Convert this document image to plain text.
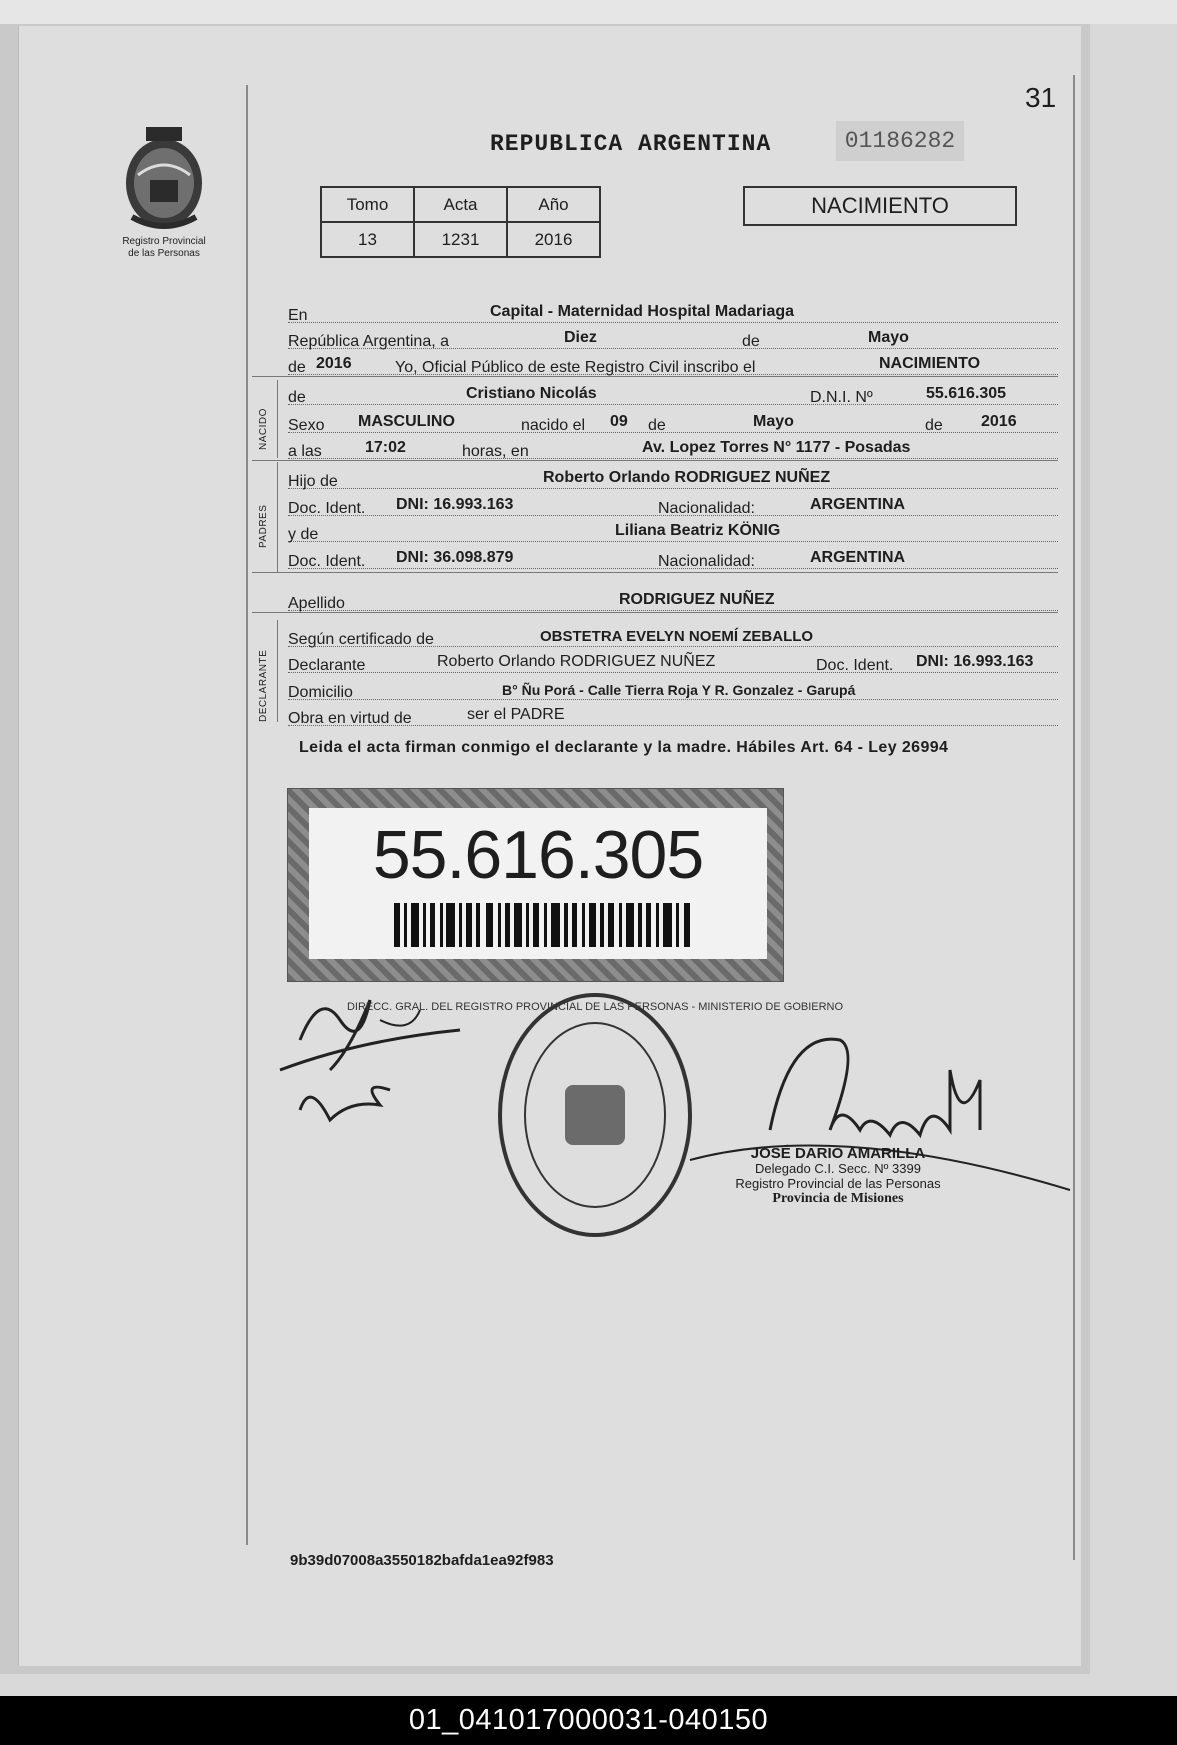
31
Registro Provincial
de las Personas
REPUBLICA ARGENTINA	01186282
Tomo	Acta	Año
13	1231	2016
NACIMIENTO
En	Capital - Maternidad Hospital Madariaga
República Argentina, a	Diez	de	Mayo
de 2016	Yo, Oficial Público de este Registro Civil inscribo el	NACIMIENTO
de	Cristiano Nicolás	D.N.I. Nº	55.616.305
Sexo MASCULINO	nacido el 09 de	Mayo	de 2016
a las	17:02	horas, en	Av. Lopez Torres N° 1177 - Posadas
Hijo de	Roberto Orlando RODRIGUEZ NUÑEZ
Doc. Ident. DNI: 16.993.163	Nacionalidad:	ARGENTINA
y de	Liliana Beatriz KÖNIG
Doc. Ident. DNI: 36.098.879	Nacionalidad:	ARGENTINA
Apellido	RODRIGUEZ NUÑEZ
Según certificado de	OBSTETRA EVELYN NOEMÍ ZEBALLO
Declarante	Roberto Orlando RODRIGUEZ NUÑEZ	Doc. Ident. DNI: 16.993.163
Domicilio	B° Ñu Porá - Calle Tierra Roja Y R. Gonzalez - Garupá
Obra en virtud de	ser el PADRE
NACIDO
PADRES
DECLARANTE
Leida el acta firman conmigo el declarante y la madre. Hábiles Art. 64 - Ley 26994
55.616.305
DIRECC. GRAL. DEL REGISTRO PROVINCIAL DE LAS PERSONAS - MINISTERIO DE GOBIERNO
JOSÉ DARIO AMARILLA
Delegado C.I. Secc. Nº 3399
Registro Provincial de las Personas
Provincia de Misiones
9b39d07008a3550182bafda1ea92f983
01_041017000031-040150
